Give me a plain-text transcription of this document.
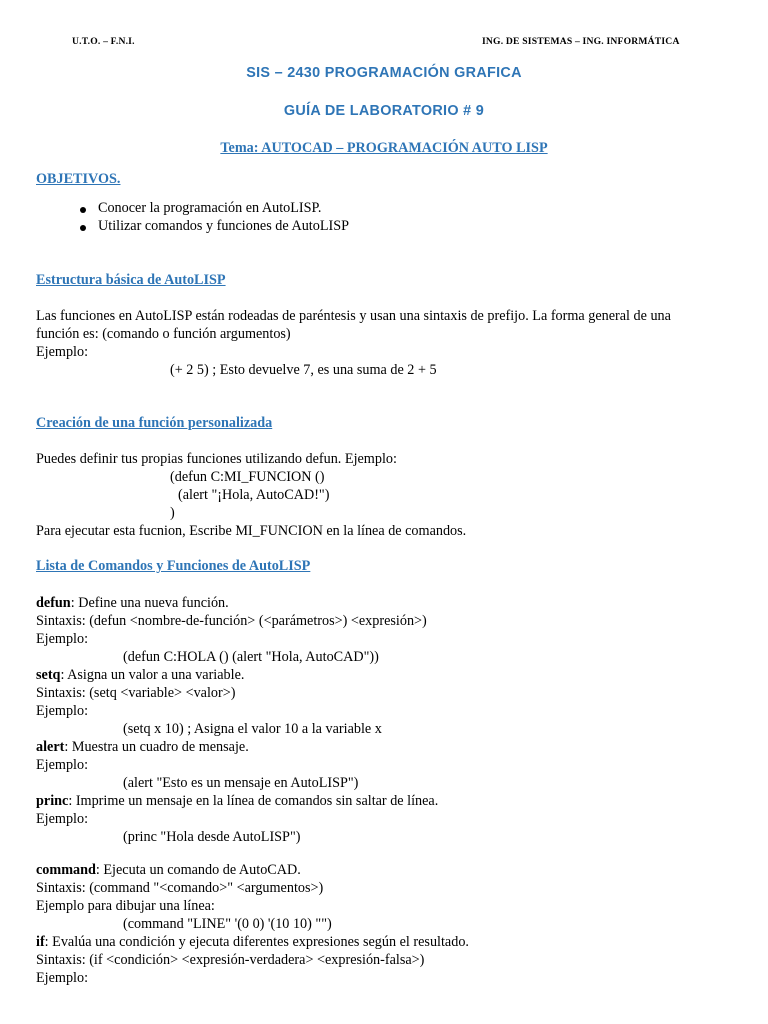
U.T.O. – F.N.I.	ING. DE SISTEMAS – ING. INFORMÁTICA
SIS – 2430 PROGRAMACIÓN GRAFICA
GUÍA DE LABORATORIO # 9
Tema: AUTOCAD – PROGRAMACIÓN AUTO LISP
OBJETIVOS.
Conocer la programación en AutoLISP.
Utilizar comandos y funciones de AutoLISP
Estructura básica de AutoLISP
Las funciones en AutoLISP están rodeadas de paréntesis y usan una sintaxis de prefijo. La forma general de una
función es: (comando o función argumentos)
Ejemplo:
(+ 2 5) ; Esto devuelve 7, es una suma de 2 + 5
Creación de una función personalizada
Puedes definir tus propias funciones utilizando defun. Ejemplo:
(defun C:MI_FUNCION ()
(alert "¡Hola, AutoCAD!")
)
Para ejecutar esta fucnion, Escribe MI_FUNCION en la línea de comandos.
Lista de Comandos y Funciones de AutoLISP
defun: Define una nueva función.
Sintaxis: (defun <nombre-de-función> (<parámetros>) <expresión>)
Ejemplo:
(defun C:HOLA () (alert "Hola, AutoCAD"))
setq: Asigna un valor a una variable.
Sintaxis: (setq <variable> <valor>)
Ejemplo:
(setq x 10) ; Asigna el valor 10 a la variable x
alert: Muestra un cuadro de mensaje.
Ejemplo:
(alert "Esto es un mensaje en AutoLISP")
princ: Imprime un mensaje en la línea de comandos sin saltar de línea.
Ejemplo:
(princ "Hola desde AutoLISP")
command: Ejecuta un comando de AutoCAD.
Sintaxis: (command "<comando>" <argumentos>)
Ejemplo para dibujar una línea:
(command "LINE" '(0 0) '(10 10) "")
if: Evalúa una condición y ejecuta diferentes expresiones según el resultado.
Sintaxis: (if <condición> <expresión-verdadera> <expresión-falsa>)
Ejemplo:
